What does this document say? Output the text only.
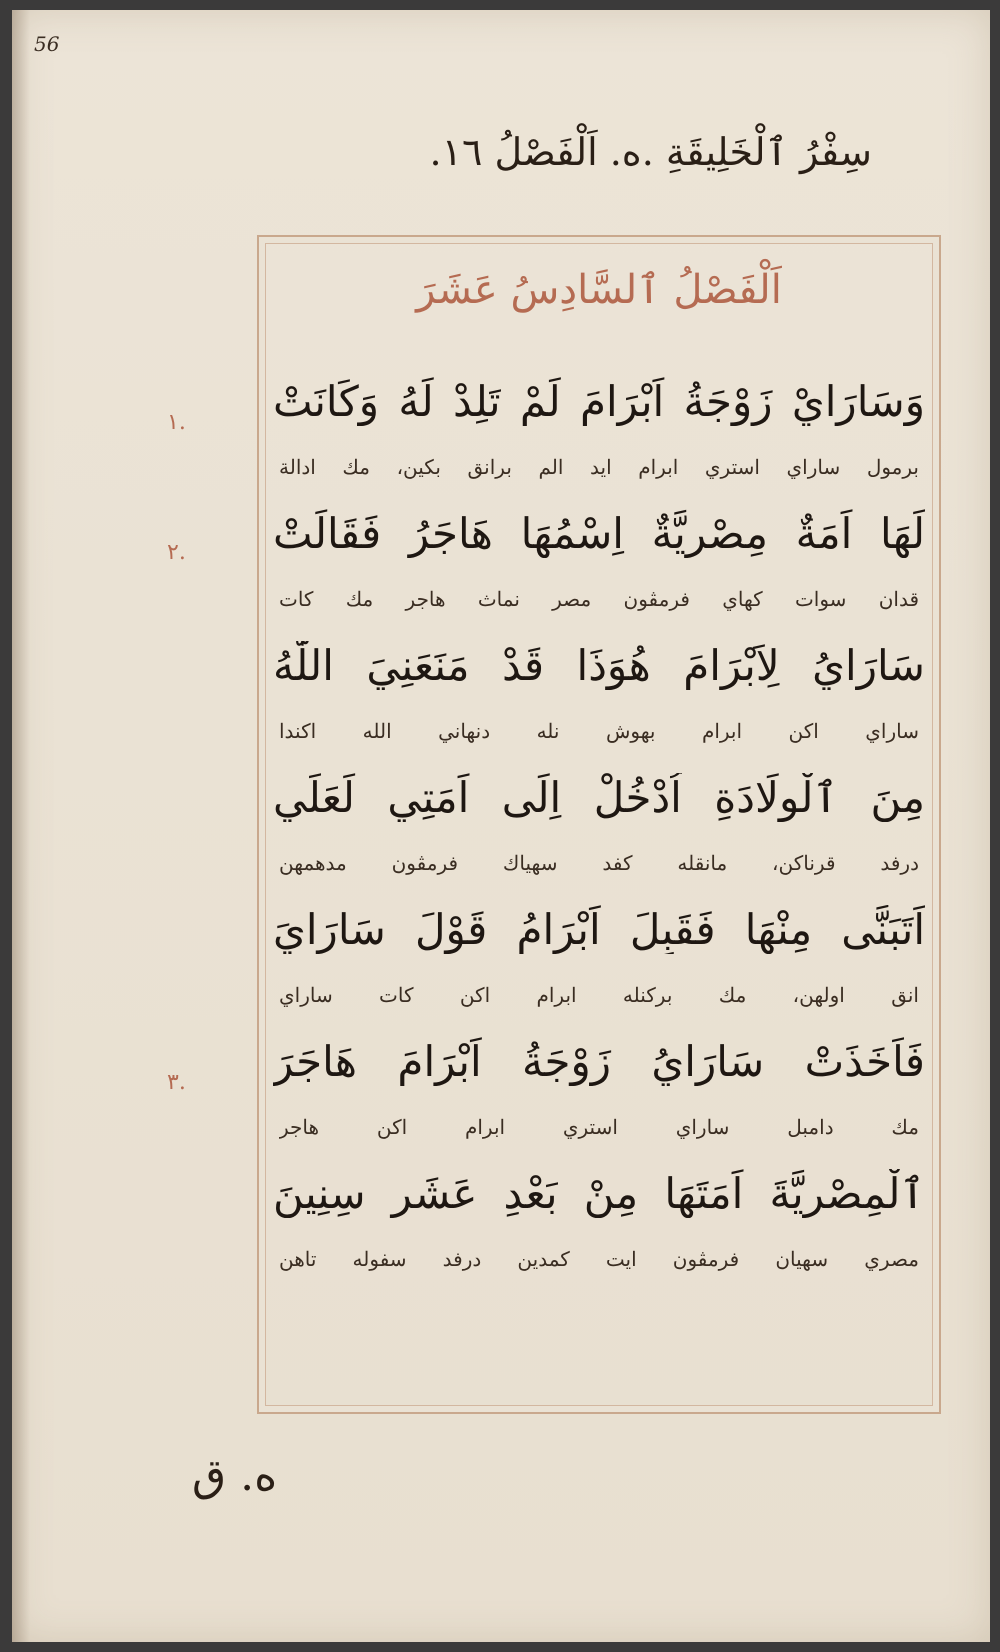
56
سِفْرُ ٱلْخَلِيقَةِ .ه. اَلْفَصْلُ ١٦.
١.
٢.
٣.
اَلْفَصْلُ ٱلسَّادِسُ عَشَرَ
وَسَارَايْ زَوْجَةُ اَبْرَامَ لَمْ تَلِدْ لَهُ وَكَانَتْ
برمول ساراي استري ابرام ايد الم برانق بكين، مك ادالة
لَهَا اَمَةٌ مِصْرِيَّةٌ اِسْمُهَا هَاجَرُ فَقَالَتْ
قدان سوات كهاي فرمڤون مصر نماث هاجر مك كات
سَارَايُ لِاَبْرَامَ هُوَذَا قَدْ مَنَعَنِيَ اللّٰهُ
ساراي اكن ابرام بهوش نله دنهاني الله اكندا
مِنَ ٱلْوِلَادَةِ اُدْخُلْ اِلَى اَمَتِي لَعَلِّي
درفد قرناكن، مانقله كفد سهياك فرمڤون مدهمهن
اَتَبَنَّى مِنْهَا فَقَبِلَ اَبْرَامُ قَوْلَ سَارَايَ
انق اولهن، مك بركنله ابرام اكن كات ساراي
فَاَخَذَتْ سَارَايُ زَوْجَةُ اَبْرَامَ هَاجَرَ
مك دامبل ساراي استري ابرام اكن هاجر
ٱلْمِصْرِيَّةَ اَمَتَهَا مِنْ بَعْدِ عَشَرِ سِنِينَ
مصري سهيان فرمڤون ايت كمدين درفد سفوله تاهن
ه. ق
